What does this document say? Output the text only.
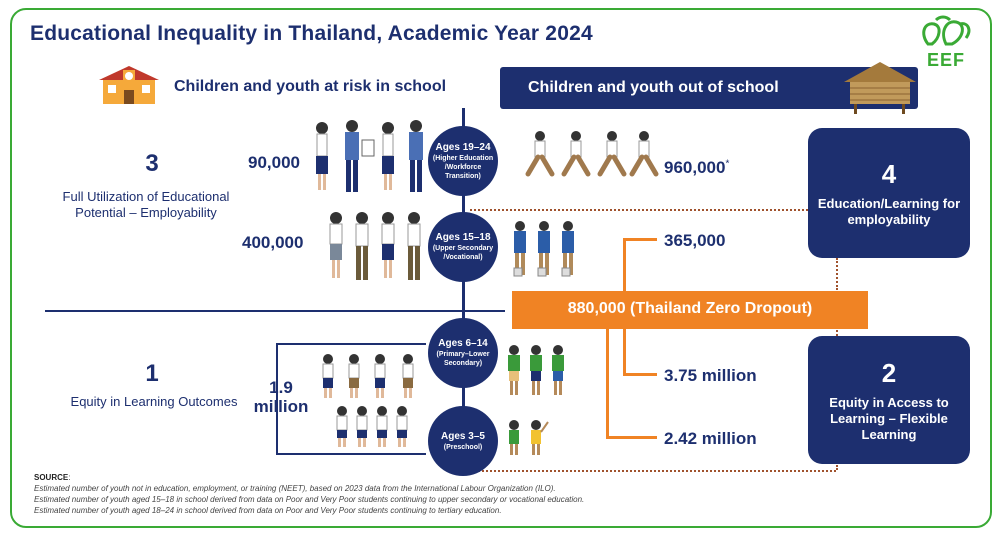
Educational Inequality in Thailand, Academic Year 2024
EEF
Children and youth at risk in school	Children and youth out of school
880,000 (Thailand Zero Dropout)
Ages 19–24
(Higher Education /Workforce Transition)
Ages 15–18
(Upper Secondary /Vocational)
Ages 6–14
(Primary–Lower Secondary)
Ages 3–5
(Preschool)
90,000
400,000
1.9 million
960,000*
365,000
3.75 million
2.42 million
3
Full Utilization of Educational Potential – Employability
1
Equity in Learning Outcomes
4
Education/Learning for employability
2
Equity in Access to Learning – Flexible Learning
SOURCE:
Estimated number of youth not in education, employment, or training (NEET), based on 2023 data from the International Labour Organization (ILO).
Estimated number of youth aged 15–18 in school derived from data on Poor and Very Poor students continuing to upper secondary or vocational education.
Estimated number of youth aged 18–24 in school derived from data on Poor and Very Poor students continuing to tertiary education.
